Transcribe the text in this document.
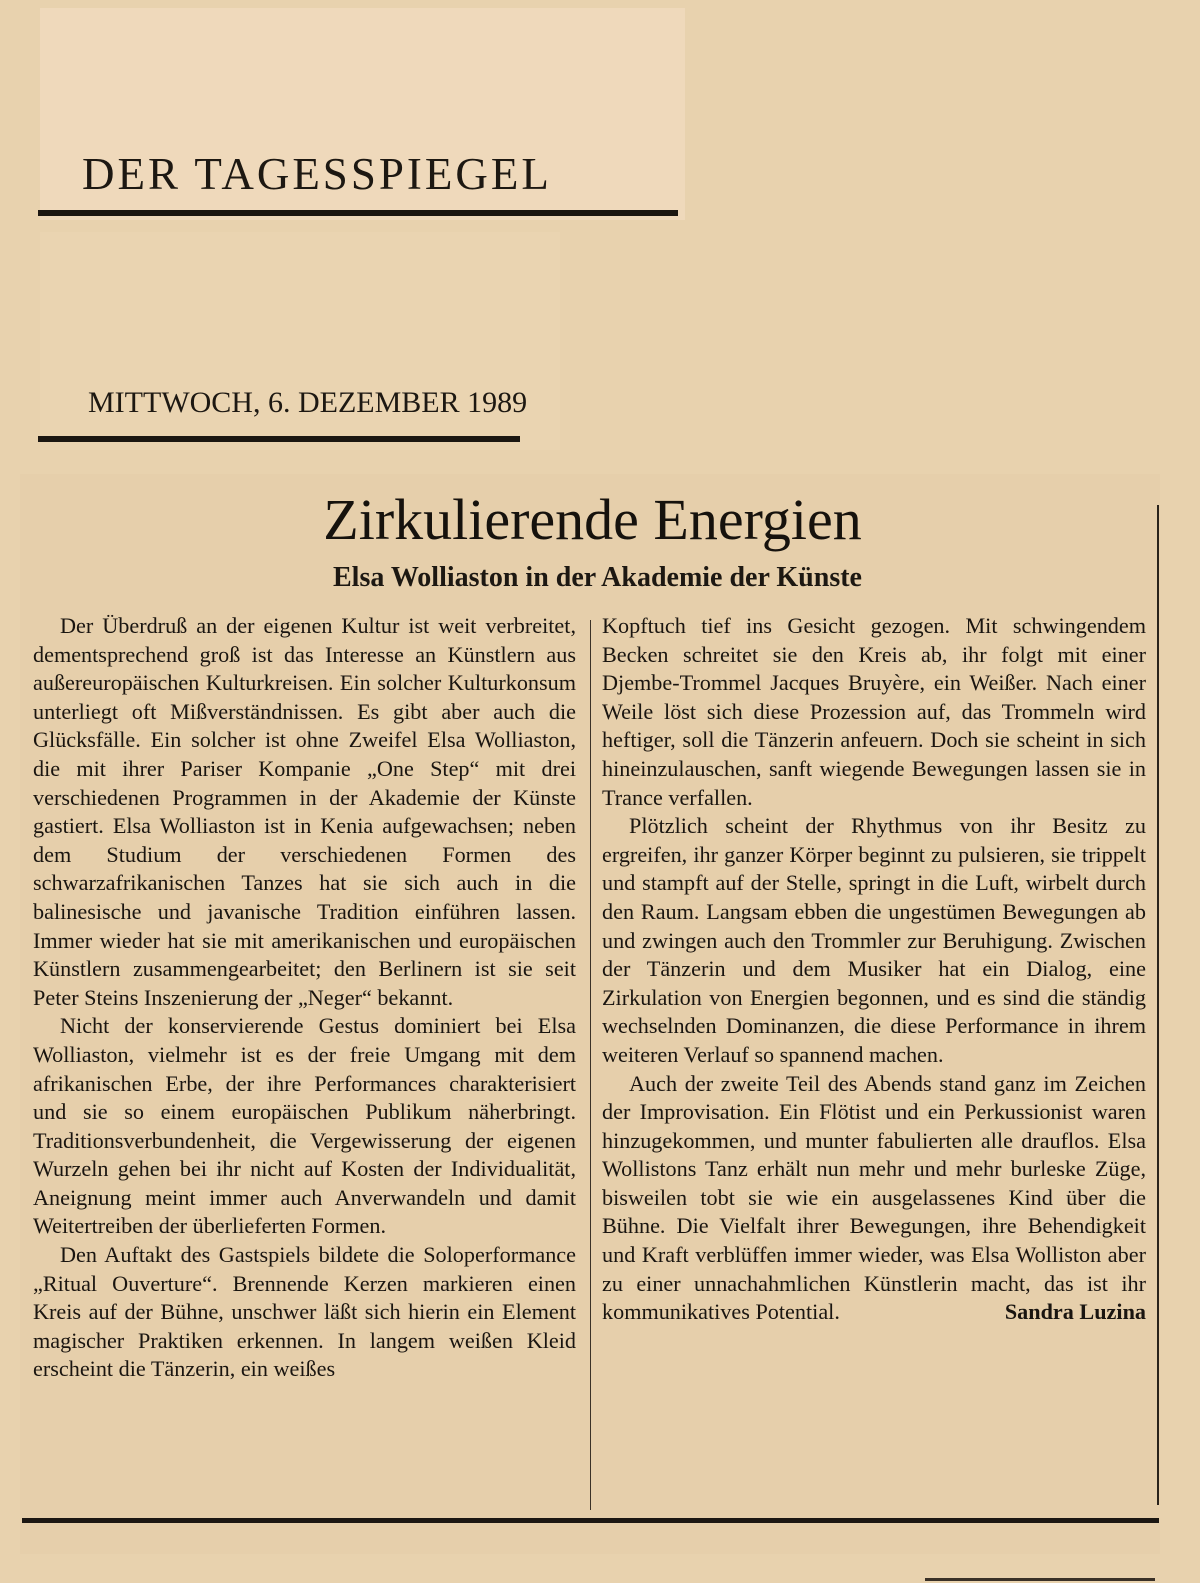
DER TAGESSPIEGEL
MITTWOCH, 6. DEZEMBER 1989
Zirkulierende Energien
Elsa Wolliaston in der Akademie der Künste

Der Überdruß an der eigenen Kultur ist weit verbreitet, dementsprechend groß ist das Interesse an Künstlern aus außereuropäischen Kulturkreisen. Ein solcher Kulturkonsum unterliegt oft Mißverständnissen. Es gibt aber auch die Glücksfälle. Ein solcher ist ohne Zweifel Elsa Wolliaston, die mit ihrer Pariser Kompanie „One Step“ mit drei verschiedenen Programmen in der Akademie der Künste gastiert. Elsa Wolliaston ist in Kenia aufgewachsen; neben dem Studium der verschiedenen Formen des schwarzafrikanischen Tanzes hat sie sich auch in die balinesische und javanische Tradition einführen lassen. Immer wieder hat sie mit amerikanischen und europäischen Künstlern zusammengearbeitet; den Berlinern ist sie seit Peter Steins Inszenierung der „Neger“ bekannt.

Nicht der konservierende Gestus dominiert bei Elsa Wolliaston, vielmehr ist es der freie Umgang mit dem afrikanischen Erbe, der ihre Performances charakterisiert und sie so einem europäischen Publikum näherbringt. Traditionsverbundenheit, die Vergewisserung der eigenen Wurzeln gehen bei ihr nicht auf Kosten der Individualität, Aneignung meint immer auch Anverwandeln und damit Weitertreiben der überlieferten Formen.

Den Auftakt des Gastspiels bildete die Soloperformance „Ritual Ouverture“. Brennende Kerzen markieren einen Kreis auf der Bühne, unschwer läßt sich hierin ein Element magischer Praktiken erkennen. In langem weißen Kleid erscheint die Tänzerin, ein weißes

Kopftuch tief ins Gesicht gezogen. Mit schwingendem Becken schreitet sie den Kreis ab, ihr folgt mit einer Djembe-Trommel Jacques Bruyère, ein Weißer. Nach einer Weile löst sich diese Prozession auf, das Trommeln wird heftiger, soll die Tänzerin anfeuern. Doch sie scheint in sich hineinzulauschen, sanft wiegende Bewegungen lassen sie in Trance verfallen.

Plötzlich scheint der Rhythmus von ihr Besitz zu ergreifen, ihr ganzer Körper beginnt zu pulsieren, sie trippelt und stampft auf der Stelle, springt in die Luft, wirbelt durch den Raum. Langsam ebben die ungestümen Bewegungen ab und zwingen auch den Trommler zur Beruhigung. Zwischen der Tänzerin und dem Musiker hat ein Dialog, eine Zirkulation von Energien begonnen, und es sind die ständig wechselnden Dominanzen, die diese Performance in ihrem weiteren Verlauf so spannend machen.

Auch der zweite Teil des Abends stand ganz im Zeichen der Improvisation. Ein Flötist und ein Perkussionist waren hinzugekommen, und munter fabulierten alle drauflos. Elsa Wollistons Tanz erhält nun mehr und mehr burleske Züge, bisweilen tobt sie wie ein ausgelassenes Kind über die Bühne. Die Vielfalt ihrer Bewegungen, ihre Behendigkeit und Kraft verblüffen immer wieder, was Elsa Wolliston aber zu einer unnachahmlichen Künstlerin macht, das ist ihr kommunikatives Potential.	Sandra Luzina
